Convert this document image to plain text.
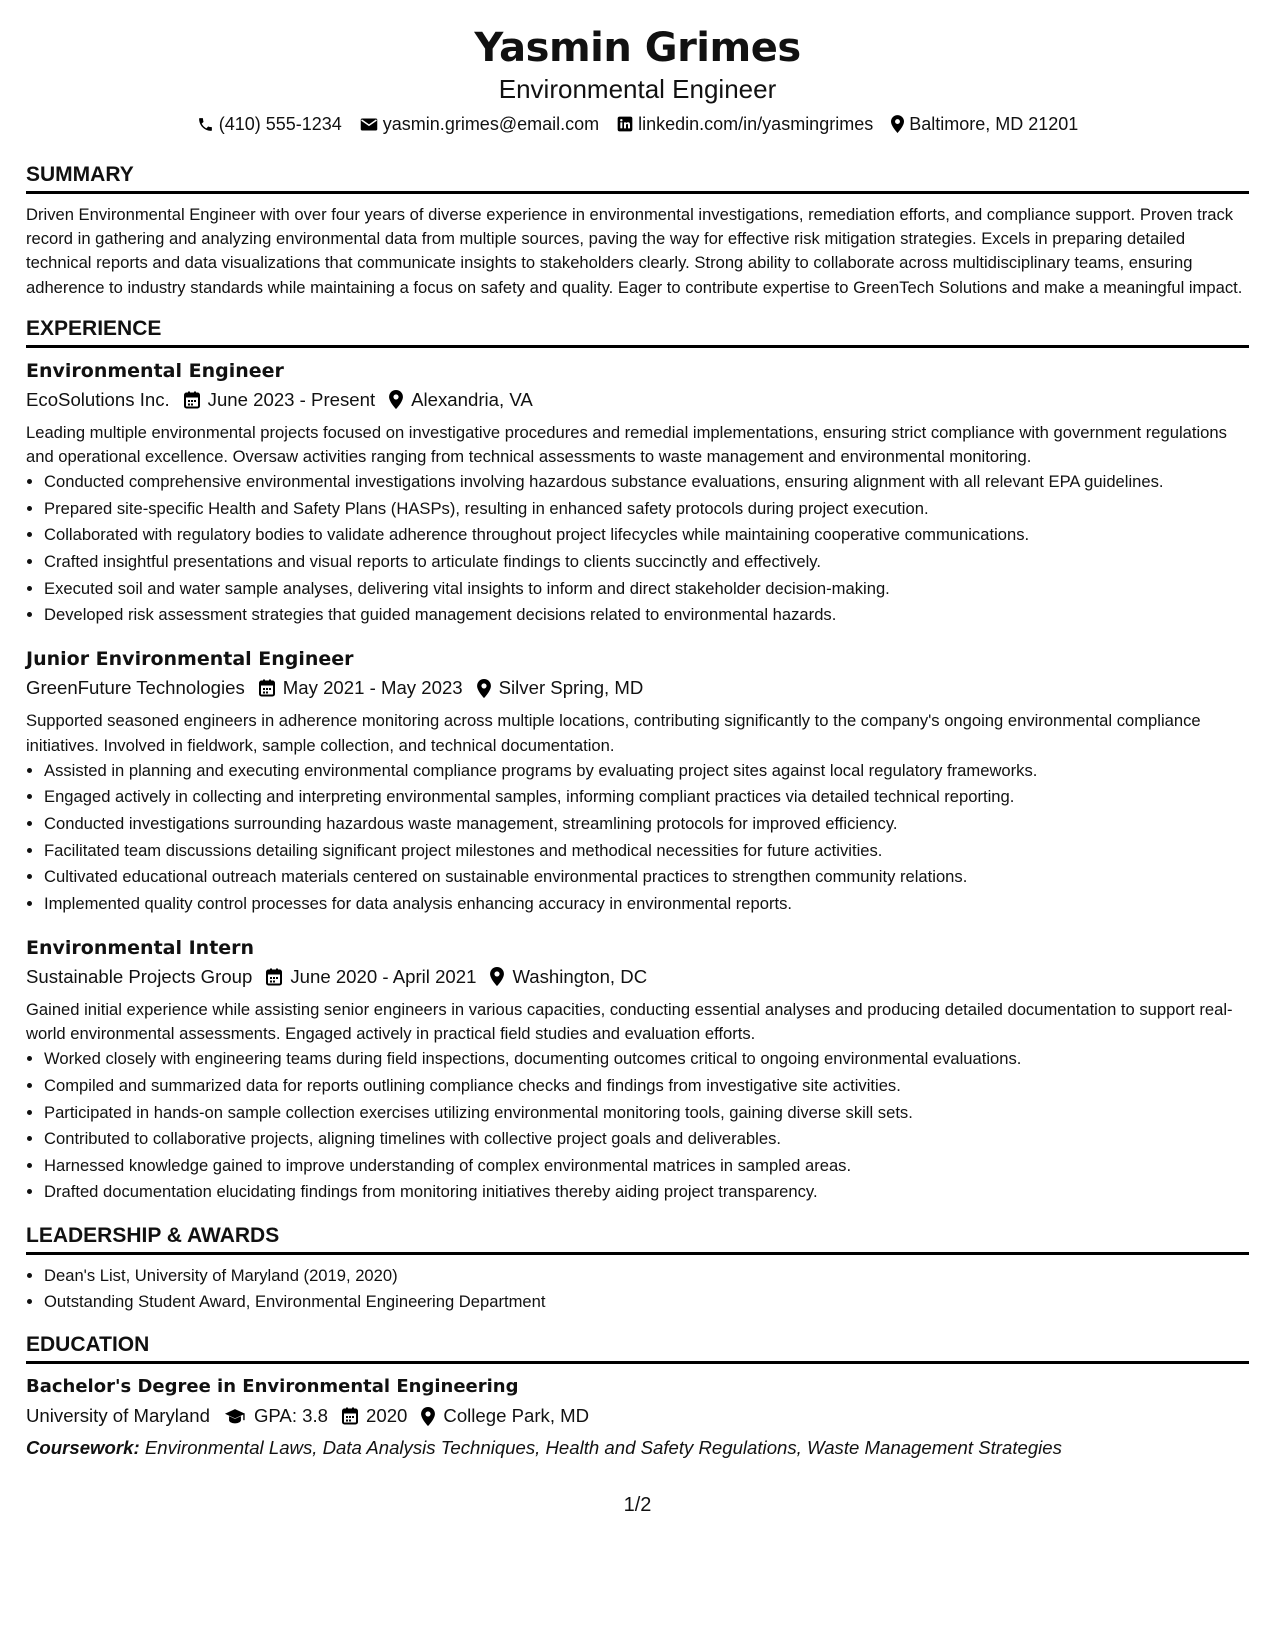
Yasmin Grimes
Environmental Engineer
(410) 555-1234 yasmin.grimes@email.com linkedin.com/in/yasmingrimes Baltimore, MD 21201
SUMMARY
Driven Environmental Engineer with over four years of diverse experience in environmental investigations, remediation efforts, and compliance support. Proven track record in gathering and analyzing environmental data from multiple sources, paving the way for effective risk mitigation strategies. Excels in preparing detailed technical reports and data visualizations that communicate insights to stakeholders clearly. Strong ability to collaborate across multidisciplinary teams, ensuring adherence to industry standards while maintaining a focus on safety and quality. Eager to contribute expertise to GreenTech Solutions and make a meaningful impact.
EXPERIENCE
Environmental Engineer
EcoSolutions Inc. June 2023 - Present Alexandria, VA
Leading multiple environmental projects focused on investigative procedures and remedial implementations, ensuring strict compliance with government regulations and operational excellence. Oversaw activities ranging from technical assessments to waste management and environmental monitoring.
• Conducted comprehensive environmental investigations involving hazardous substance evaluations, ensuring alignment with all relevant EPA guidelines.
• Prepared site-specific Health and Safety Plans (HASPs), resulting in enhanced safety protocols during project execution.
• Collaborated with regulatory bodies to validate adherence throughout project lifecycles while maintaining cooperative communications.
• Crafted insightful presentations and visual reports to articulate findings to clients succinctly and effectively.
• Executed soil and water sample analyses, delivering vital insights to inform and direct stakeholder decision-making.
• Developed risk assessment strategies that guided management decisions related to environmental hazards.
Junior Environmental Engineer
GreenFuture Technologies May 2021 - May 2023 Silver Spring, MD
Supported seasoned engineers in adherence monitoring across multiple locations, contributing significantly to the company's ongoing environmental compliance initiatives. Involved in fieldwork, sample collection, and technical documentation.
• Assisted in planning and executing environmental compliance programs by evaluating project sites against local regulatory frameworks.
• Engaged actively in collecting and interpreting environmental samples, informing compliant practices via detailed technical reporting.
• Conducted investigations surrounding hazardous waste management, streamlining protocols for improved efficiency.
• Facilitated team discussions detailing significant project milestones and methodical necessities for future activities.
• Cultivated educational outreach materials centered on sustainable environmental practices to strengthen community relations.
• Implemented quality control processes for data analysis enhancing accuracy in environmental reports.
Environmental Intern
Sustainable Projects Group June 2020 - April 2021 Washington, DC
Gained initial experience while assisting senior engineers in various capacities, conducting essential analyses and producing detailed documentation to support real-world environmental assessments. Engaged actively in practical field studies and evaluation efforts.
• Worked closely with engineering teams during field inspections, documenting outcomes critical to ongoing environmental evaluations.
• Compiled and summarized data for reports outlining compliance checks and findings from investigative site activities.
• Participated in hands-on sample collection exercises utilizing environmental monitoring tools, gaining diverse skill sets.
• Contributed to collaborative projects, aligning timelines with collective project goals and deliverables.
• Harnessed knowledge gained to improve understanding of complex environmental matrices in sampled areas.
• Drafted documentation elucidating findings from monitoring initiatives thereby aiding project transparency.
LEADERSHIP & AWARDS
• Dean's List, University of Maryland (2019, 2020)
• Outstanding Student Award, Environmental Engineering Department
EDUCATION
Bachelor's Degree in Environmental Engineering
University of Maryland GPA: 3.8 2020 College Park, MD
Coursework: Environmental Laws, Data Analysis Techniques, Health and Safety Regulations, Waste Management Strategies
1/2
